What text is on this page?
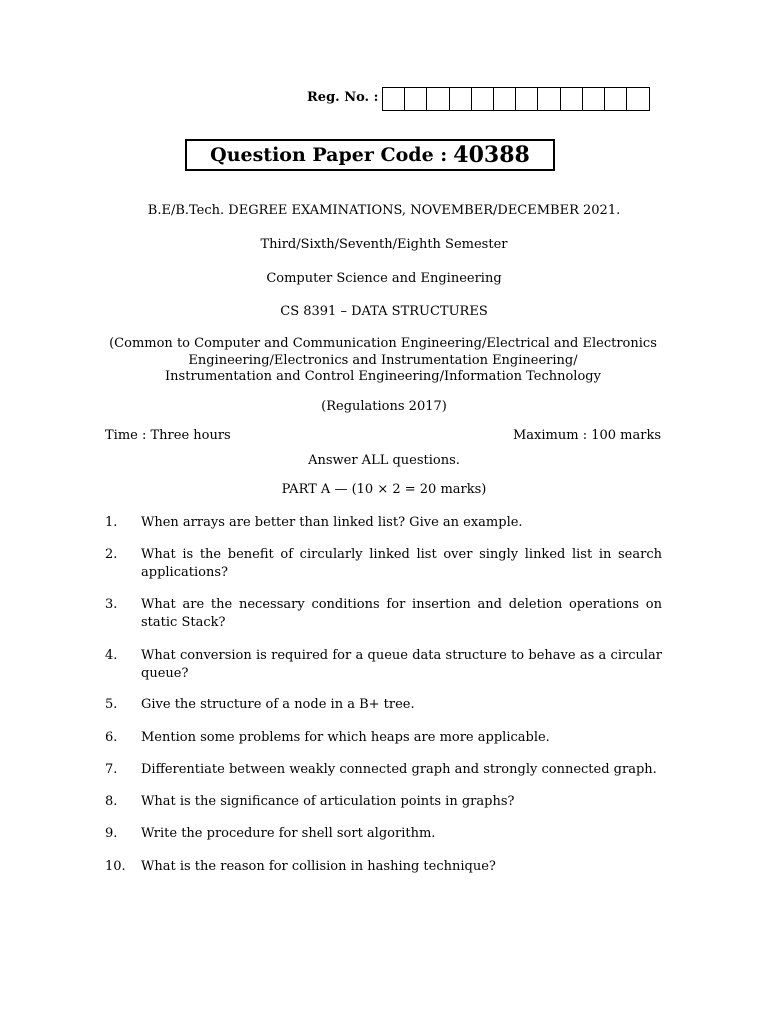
Reg. No. :
Question Paper Code : 40388
B.E/B.Tech. DEGREE EXAMINATIONS, NOVEMBER/DECEMBER 2021.
Third/Sixth/Seventh/Eighth Semester
Computer Science and Engineering
CS 8391 – DATA STRUCTURES
(Common to Computer and Communication Engineering/Electrical and Electronics
Engineering/Electronics and Instrumentation Engineering/
Instrumentation and Control Engineering/Information Technology
(Regulations 2017)
Time : Three hours	Maximum : 100 marks
Answer ALL questions.
PART A — (10 × 2 = 20 marks)
1. When arrays are better than linked list? Give an example.
2. What is the benefit of circularly linked list over singly linked list in search applications?
3. What are the necessary conditions for insertion and deletion operations on static Stack?
4. What conversion is required for a queue data structure to behave as a circular queue?
5. Give the structure of a node in a B+ tree.
6. Mention some problems for which heaps are more applicable.
7. Differentiate between weakly connected graph and strongly connected graph.
8. What is the significance of articulation points in graphs?
9. Write the procedure for shell sort algorithm.
10. What is the reason for collision in hashing technique?
